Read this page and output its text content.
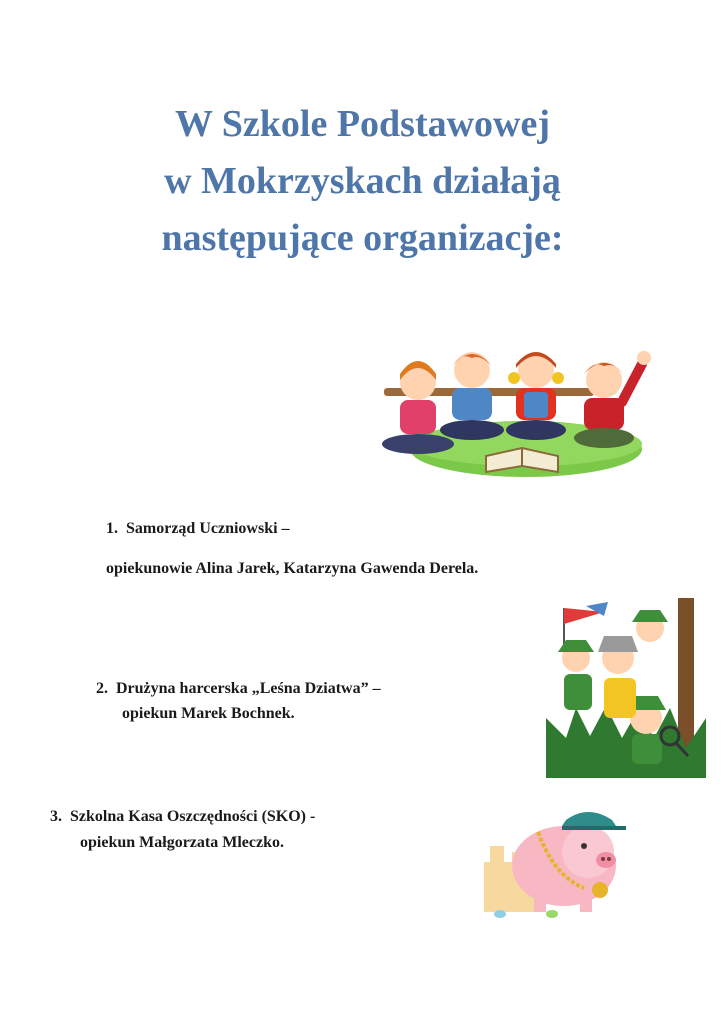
W Szkole Podstawowej
w Mokrzyskach działają
następujące organizacje:
1. Samorząd Uczniowski –
opiekunowie Alina Jarek, Katarzyna Gawenda Derela.
2. Drużyna harcerska „Leśna Dziatwa” –
opiekun Marek Bochnek.
3. Szkolna Kasa Oszczędności (SKO) -
opiekun Małgorzata Mleczko.
